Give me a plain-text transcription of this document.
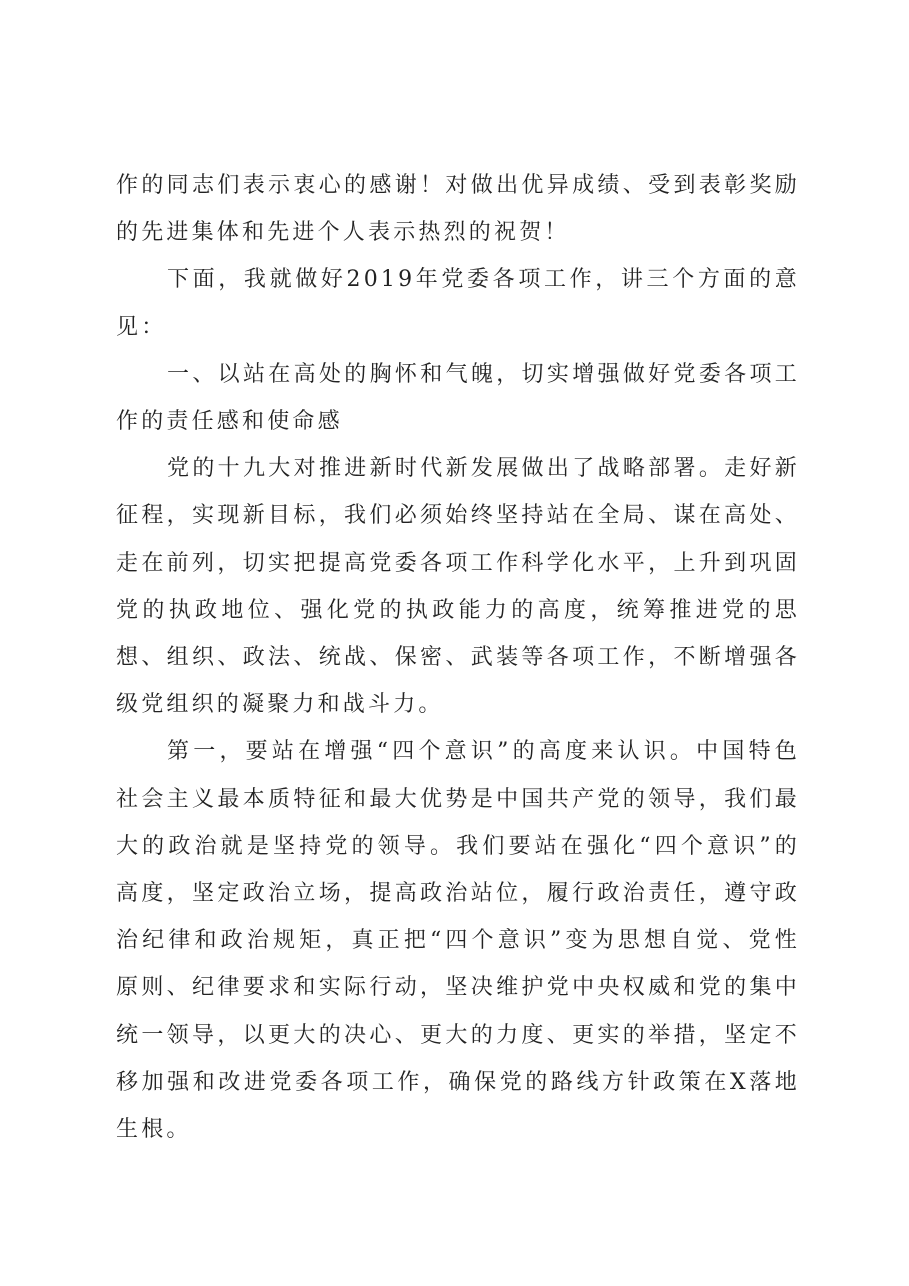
作的同志们表示衷心的感谢！对做出优异成绩、受到表彰奖励的先进集体和先进个人表示热烈的祝贺！

下面，我就做好2019年党委各项工作，讲三个方面的意见：

一、以站在高处的胸怀和气魄，切实增强做好党委各项工作的责任感和使命感

党的十九大对推进新时代新发展做出了战略部署。走好新征程，实现新目标，我们必须始终坚持站在全局、谋在高处、走在前列，切实把提高党委各项工作科学化水平，上升到巩固党的执政地位、强化党的执政能力的高度，统筹推进党的思想、组织、政法、统战、保密、武装等各项工作，不断增强各级党组织的凝聚力和战斗力。

第一，要站在增强“四个意识”的高度来认识。中国特色社会主义最本质特征和最大优势是中国共产党的领导，我们最大的政治就是坚持党的领导。我们要站在强化“四个意识”的高度，坚定政治立场，提高政治站位，履行政治责任，遵守政治纪律和政治规矩，真正把“四个意识”变为思想自觉、党性原则、纪律要求和实际行动，坚决维护党中央权威和党的集中统一领导，以更大的决心、更大的力度、更实的举措，坚定不移加强和改进党委各项工作，确保党的路线方针政策在X落地生根。
